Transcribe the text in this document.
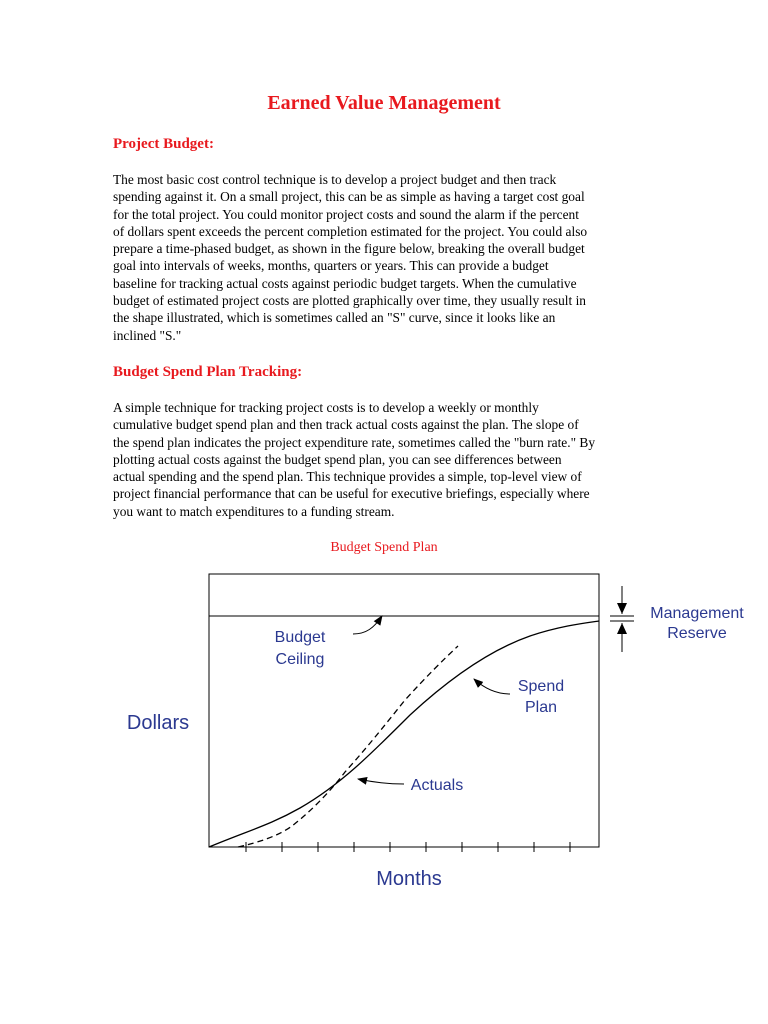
Earned Value Management
Project Budget:
The most basic cost control technique is to develop a project budget and then track
spending against it. On a small project, this can be as simple as having a target cost goal
for the total project. You could monitor project costs and sound the alarm if the percent
of dollars spent exceeds the percent completion estimated for the project. You could also
prepare a time-phased budget, as shown in the figure below, breaking the overall budget
goal into intervals of weeks, months, quarters or years. This can provide a budget
baseline for tracking actual costs against periodic budget targets. When the cumulative
budget of estimated project costs are plotted graphically over time, they usually result in
the shape illustrated, which is sometimes called an "S" curve, since it looks like an
inclined "S."
Budget Spend Plan Tracking:
A simple technique for tracking project costs is to develop a weekly or monthly
cumulative budget spend plan and then track actual costs against the plan. The slope of
the spend plan indicates the project expenditure rate, sometimes called the "burn rate." By
plotting actual costs against the budget spend plan, you can see differences between
actual spending and the spend plan. This technique provides a simple, top-level view of
project financial performance that can be useful for executive briefings, especially where
you want to match expenditures to a funding stream.

Budget Spend Plan

Budget
Ceiling
Spend
Plan
Actuals
Management
Reserve
Dollars
Months
